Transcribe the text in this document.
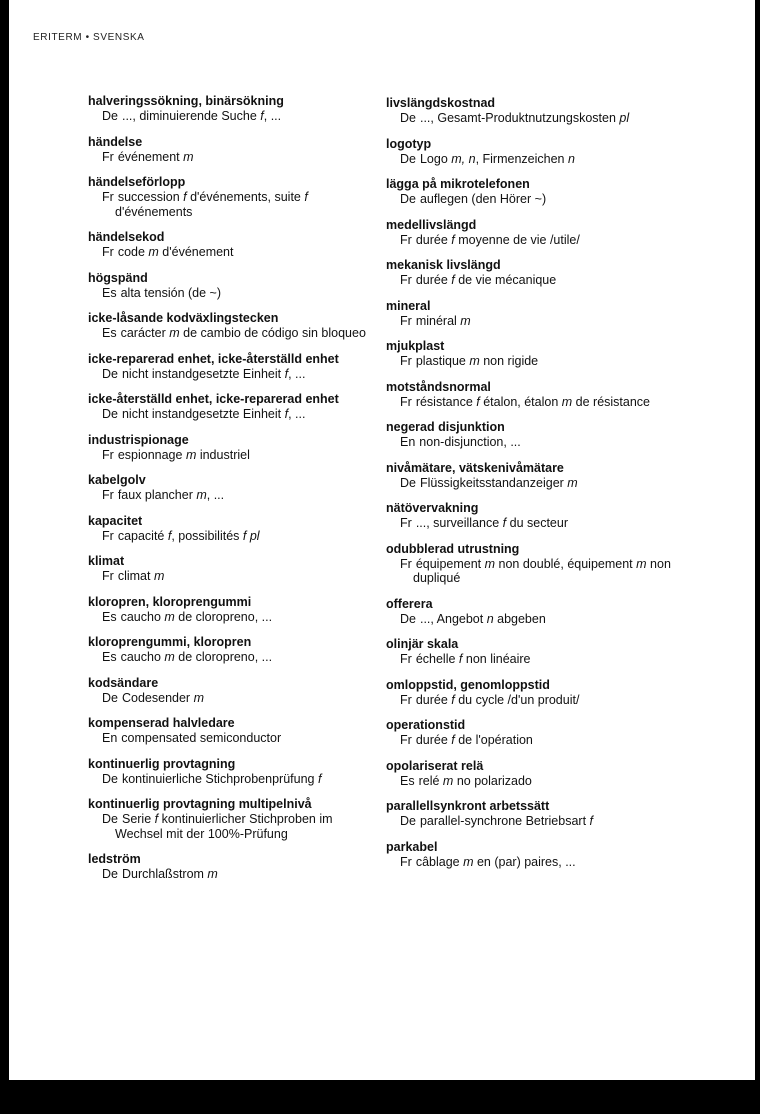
ERITERM • SVENSKA
halveringssökning, binärsökning
De ..., diminuierende Suche f, ...
händelse
Fr événement m
händelseförlopp
Fr succession f d'événements, suite f d'événements
händelsekod
Fr code m d'événement
högspänd
Es alta tensión (de ~)
icke-låsande kodväxlingstecken
Es carácter m de cambio de código sin bloqueo
icke-reparerad enhet, icke-återställd enhet
De nicht instandgesetzte Einheit f, ...
icke-återställd enhet, icke-reparerad enhet
De nicht instandgesetzte Einheit f, ...
industrispionage
Fr espionnage m industriel
kabelgolv
Fr faux plancher m, ...
kapacitet
Fr capacité f, possibilités f pl
klimat
Fr climat m
kloropren, kloroprengummi
Es caucho m de cloropreno, ...
kloroprengummi, kloropren
Es caucho m de cloropreno, ...
kodsändare
De Codesender m
kompenserad halvledare
En compensated semiconductor
kontinuerlig provtagning
De kontinuierliche Stichprobenprüfung f
kontinuerlig provtagning multipelnivå
De Serie f kontinuierlicher Stichproben im Wechsel mit der 100%-Prüfung
ledström
De Durchlaßstrom m
livslängdskostnad
De ..., Gesamt-Produktnutzungskosten pl
logotyp
De Logo m, n, Firmenzeichen n
lägga på mikrotelefonen
De auflegen (den Hörer ~)
medellivslängd
Fr durée f moyenne de vie /utile/
mekanisk livslängd
Fr durée f de vie mécanique
mineral
Fr minéral m
mjukplast
Fr plastique m non rigide
motståndsnormal
Fr résistance f étalon, étalon m de résistance
negerad disjunktion
En non-disjunction, ...
nivåmätare, vätskenivåmätare
De Flüssigkeitsstandanzeiger m
nätövervakning
Fr ..., surveillance f du secteur
odubblerad utrustning
Fr équipement m non doublé, équipement m non dupliqué
offerera
De ..., Angebot n abgeben
olinjär skala
Fr échelle f non linéaire
omloppstid, genomloppstid
Fr durée f du cycle /d'un produit/
operationstid
Fr durée f de l'opération
opolariserat relä
Es relé m no polarizado
parallellsynkront arbetssätt
De parallel-synchrone Betriebsart f
parkabel
Fr câblage m en (par) paires, ...
